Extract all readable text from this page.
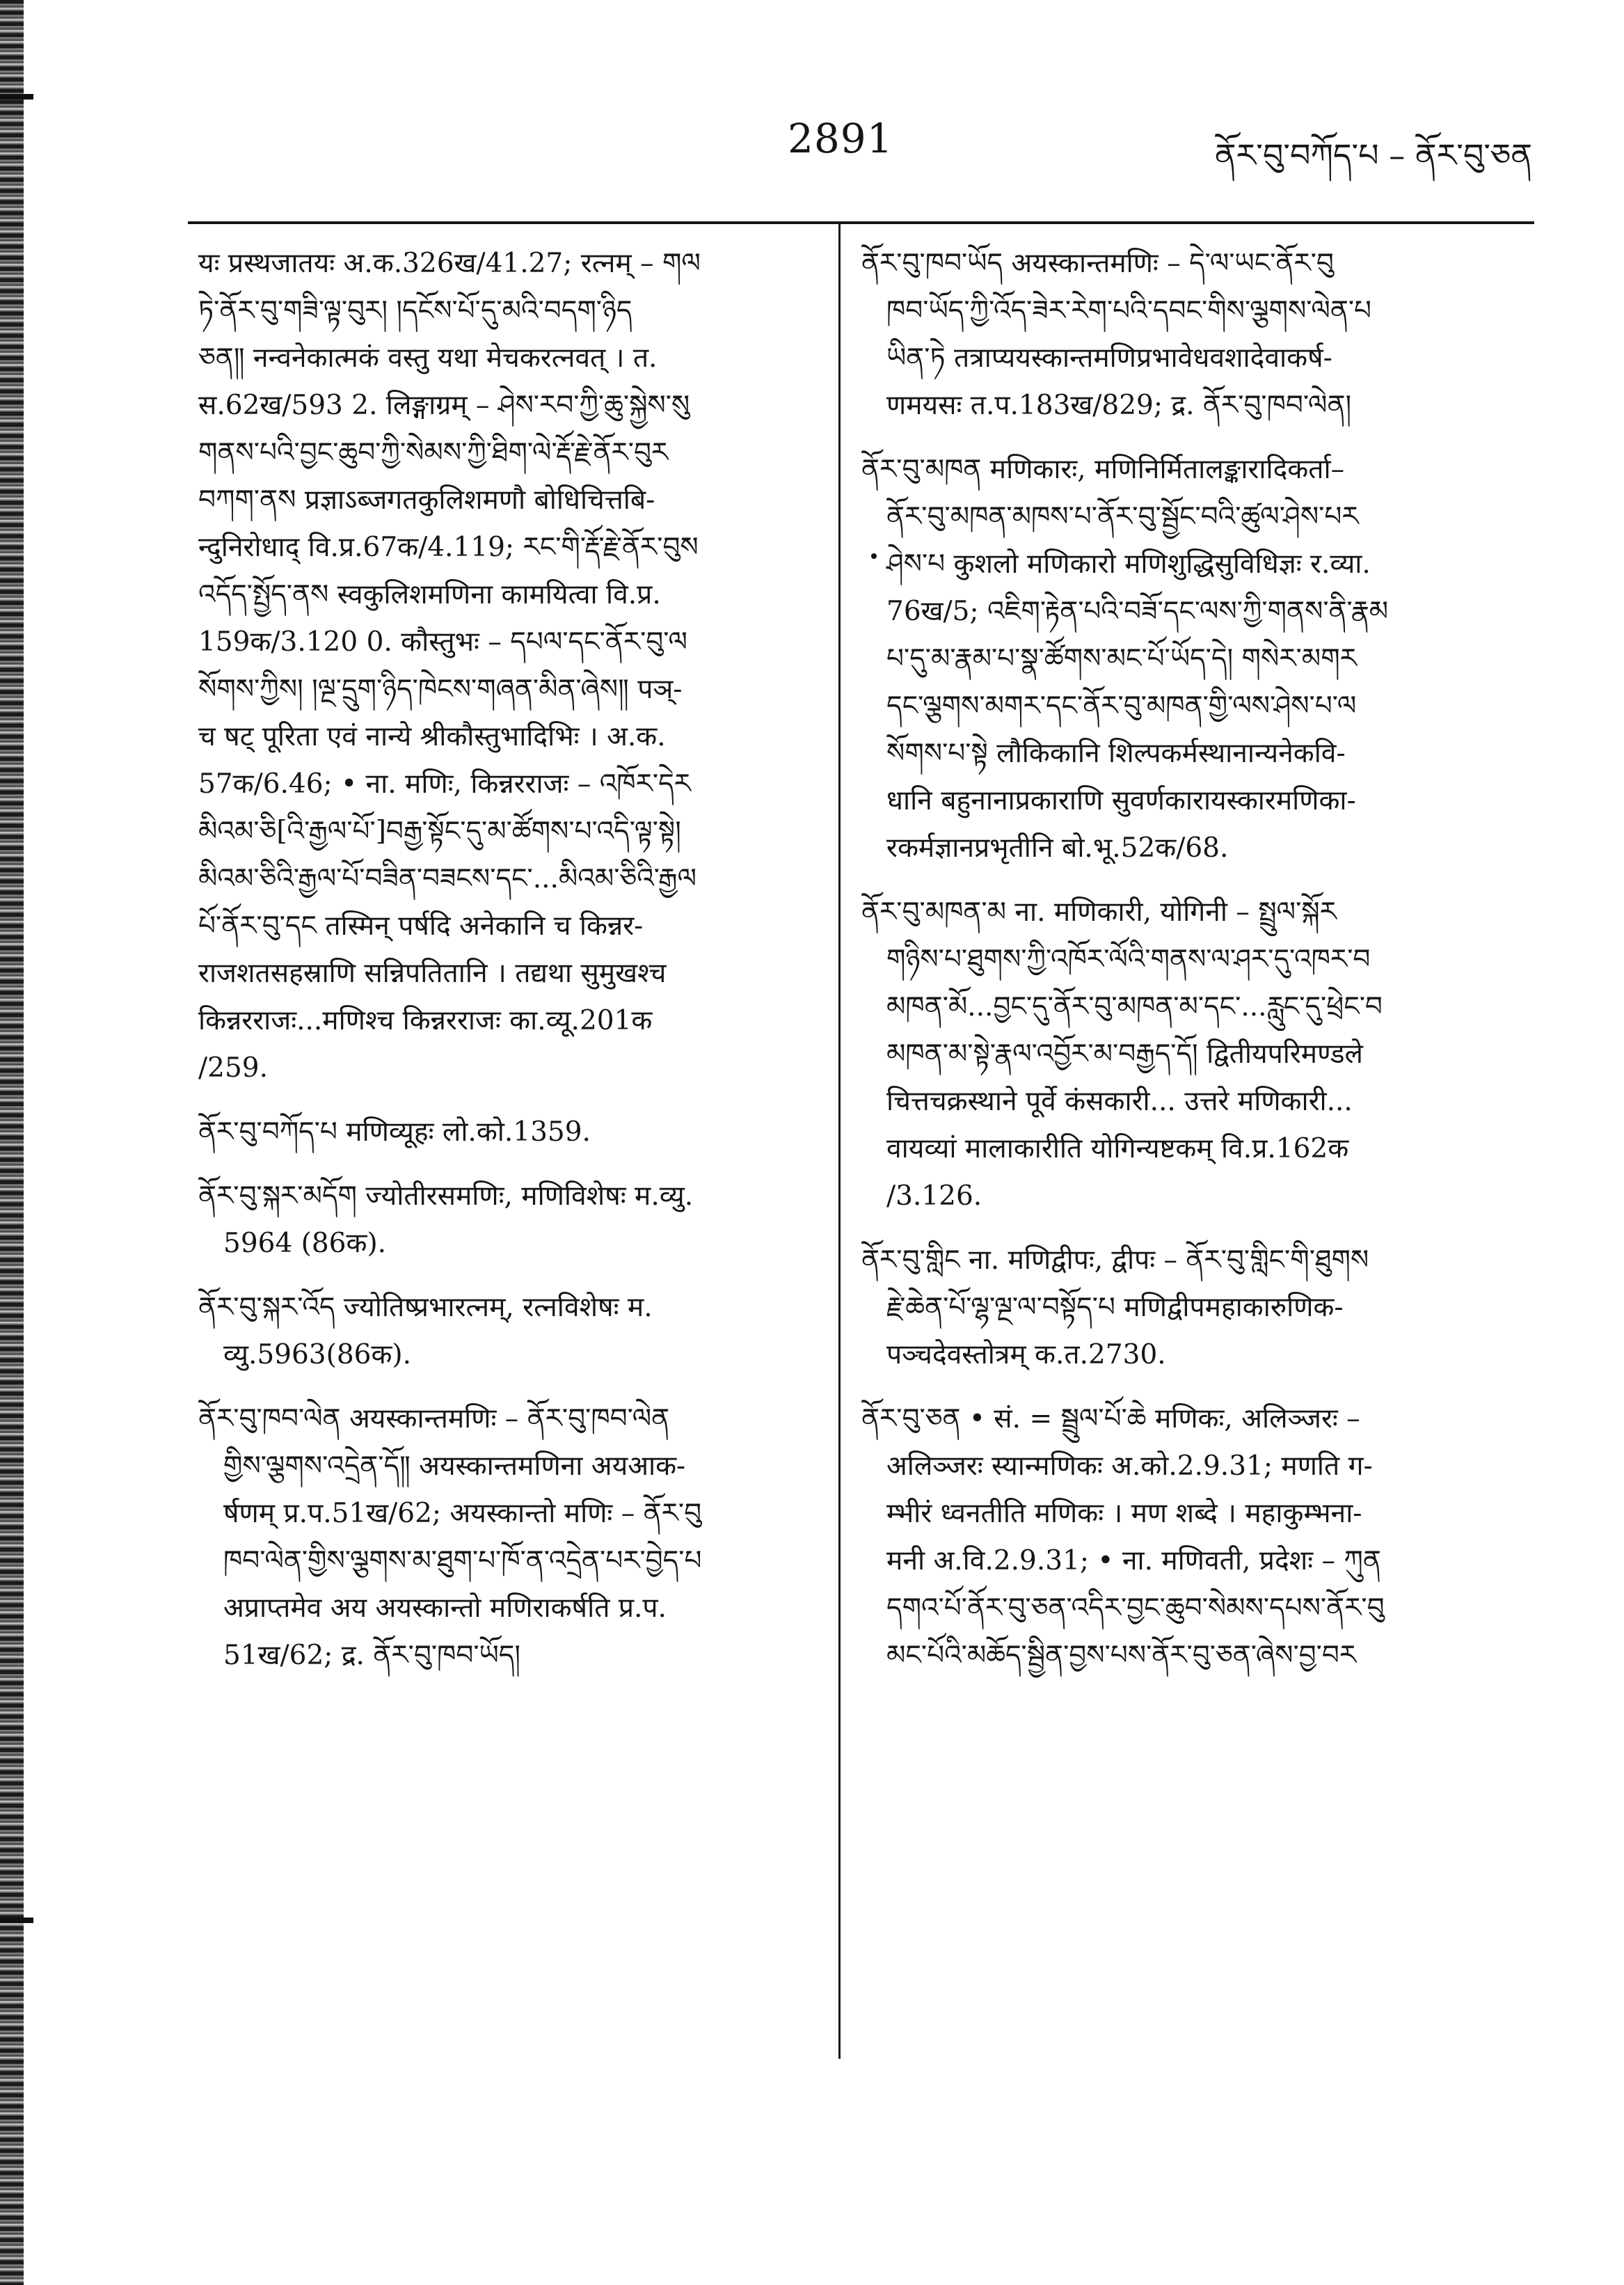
2891	ནོར་བུ་བཀོད་པ – ནོར་བུ་ཅན
यः प्रस्थजातयः अ.क.326ख/41.27; रत्नम् – གལ
ཏེ་ནོར་བུ་གཟི་ལྟ་བུར། །དངོས་པོ་དུ་མའི་བདག་ཉིད
ཅན༎ नन्वनेकात्मकं वस्तु यथा मेचकरत्नवत् । त.
स.62ख/593 2. लिङ्गाग्रम् – ཤེས་རབ་ཀྱི་ཆུ་སྐྱེས་སུ
གནས་པའི་བྱང་ཆུབ་ཀྱི་སེམས་ཀྱི་ཐིག་ལེ་རྡོ་རྗེ་ནོར་བུར
བཀག་ནས प्रज्ञाऽब्जगतकुलिशमणौ बोधिचित्तबि-
न्दुनिरोधाद् वि.प्र.67क/4.119; རང་གི་རྡོ་རྗེ་ནོར་བུས
འདོད་སྤྱོད་ནས स्वकुलिशमणिना कामयित्वा वि.प्र.
159क/3.120 0. कौस्तुभः – དཔལ་དང་ནོར་བུ་ལ
སོགས་ཀྱིས། །ལྔ་དྲུག་ཉིད་ཁེངས་གཞན་མིན་ཞེས༎ पञ्-
च षट् पूरिता एवं नान्ये श्रीकौस्तुभादिभिः । अ.क.
57क/6.46; • ना. मणिः, किन्नरराजः – འཁོར་དེར
མིའམ་ཅི[འི་རྒྱལ་པོ་]བརྒྱ་སྟོང་དུ་མ་ཚོགས་པ་འདི་ལྟ་སྟེ།
མིའམ་ཅིའི་རྒྱལ་པོ་བཟིན་བཟངས་དང་...མིའམ་ཅིའི་རྒྱལ
པོ་ནོར་བུ་དང तस्मिन् पर्षदि अनेकानि च किन्नर-
राजशतसहस्राणि सन्निपतितानि । तद्यथा सुमुखश्च
किन्नरराजः...मणिश्च किन्नरराजः का.व्यू.201क
/259.
ནོར་བུ་བཀོད་པ मणिव्यूहः लो.को.1359.
ནོར་བུ་སྐར་མདོག ज्योतीरसमणिः, मणिविशेषः म.व्यु.
5964 (86क).
ནོར་བུ་སྐར་འོད ज्योतिष्प्रभारत्नम्, रत्नविशेषः म.
व्यु.5963(86क).
ནོར་བུ་ཁབ་ལེན अयस्कान्तमणिः – ནོར་བུ་ཁབ་ལེན
གྱིས་ལྕགས་འདྲེན་དོ༎ अयस्कान्तमणिना अयआक-
र्षणम् प्र.प.51ख/62; अयस्कान्तो मणिः – ནོར་བུ
ཁབ་ལེན་གྱིས་ལྕགས་མ་ཐུག་པ་ཁོ་ན་འདྲེན་པར་བྱེད་པ
अप्राप्तमेव अय अयस्कान्तो मणिराकर्षति प्र.प.
51ख/62; द्र. ནོར་བུ་ཁབ་ཡོད།
ནོར་བུ་ཁབ་ཡོད अयस्कान्तमणिः – དེ་ལ་ཡང་ནོར་བུ
ཁབ་ཡོད་ཀྱི་འོད་ཟེར་རེག་པའི་དབང་གིས་ལྕགས་ལེན་པ
ཡིན་ཏེ तत्राप्ययस्कान्तमणिप्रभावेधवशादेवाकर्ष-
णमयसः त.प.183ख/829; द्र. ནོར་བུ་ཁབ་ལེན།
ནོར་བུ་མཁན मणिकारः, मणिनिर्मितालङ्कारादिकर्ता–
ནོར་བུ་མཁན་མཁས་པ་ནོར་བུ་སྦྱོང་བའི་ཚུལ་ཤེས་པར
ཤེས་པ कुशलो मणिकारो मणिशुद्धिसुविधिज्ञः र.व्या.
76ख/5; འཇིག་རྟེན་པའི་བཟོ་དང་ལས་ཀྱི་གནས་ནི་རྣམ
པ་དུ་མ་རྣམ་པ་སྣ་ཚོགས་མང་པོ་ཡོད་དེ། གསེར་མགར
དང་ལྕགས་མགར་དང་ནོར་བུ་མཁན་གྱི་ལས་ཤེས་པ་ལ
སོགས་པ་སྟེ लौकिकानि शिल्पकर्मस्थानान्यनेकवि-
धानि बहुनानाप्रकाराणि सुवर्णकारायस्कारमणिका-
रकर्मज्ञानप्रभृतीनि बो.भू.52क/68.
ནོར་བུ་མཁན་མ ना. मणिकारी, योगिनी – སྤྲུལ་སྐོར
གཉིས་པ་ཐུགས་ཀྱི་འཁོར་ལོའི་གནས་ལ་ཤར་དུ་འཁར་བ
མཁན་མོ...བྱང་དུ་ནོར་བུ་མཁན་མ་དང་...རླུང་དུ་ཕྲེང་བ
མཁན་མ་སྟེ་རྣལ་འབྱོར་མ་བརྒྱད་དོ། द्वितीयपरिमण्डले
चित्तचक्रस्थाने पूर्वे कंसकारी... उत्तरे मणिकारी...
वायव्यां मालाकारीति योगिन्यष्टकम् वि.प्र.162क
/3.126.
ནོར་བུ་གླིང ना. मणिद्वीपः, द्वीपः – ནོར་བུ་གླིང་གི་ཐུགས
རྗེ་ཆེན་པོ་ལྷ་ལྔ་ལ་བསྟོད་པ मणिद्वीपमहाकारुणिक-
पञ्चदेवस्तोत्रम् क.त.2730.
ནོར་བུ་ཅན • सं. = སྦྲུལ་པོ་ཆེ मणिकः, अलिञ्जरः –
अलिञ्जरः स्यान्मणिकः अ.को.2.9.31; मणति ग-
म्भीरं ध्वनतीति मणिकः । मण शब्दे । महाकुम्भना-
मनी अ.वि.2.9.31; • ना. मणिवती, प्रदेशः – ཀུན
དགའ་པོ་ནོར་བུ་ཅན་འདིར་བྱང་ཆུབ་སེམས་དཔས་ནོར་བུ
མང་པོའི་མཆོད་སྦྱིན་བྱས་པས་ནོར་བུ་ཅན་ཞེས་བྱ་བར
